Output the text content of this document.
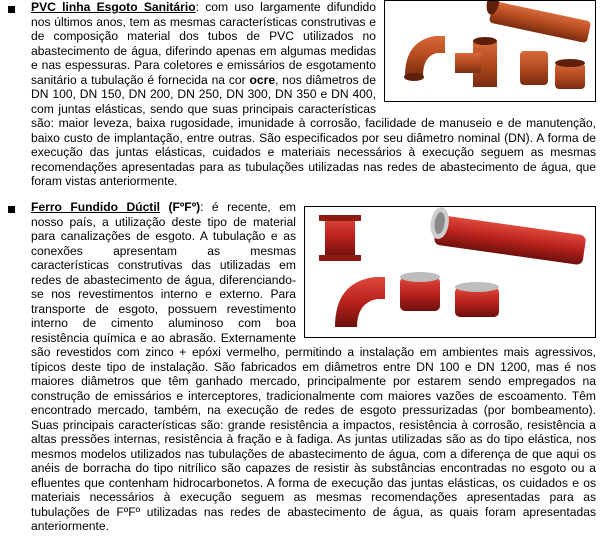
PVC linha Esgoto Sanitário: com uso largamente difundido nos últimos anos, tem as mesmas características construtivas e de composição material dos tubos de PVC utilizados no abastecimento de água, diferindo apenas em algumas medidas e nas espessuras. Para coletores e emissários de esgotamento sanitário a tubulação é fornecida na cor ocre, nos diâmetros de DN 100, DN 150, DN 200, DN 250, DN 300, DN 350 e DN 400, com juntas elásticas, sendo que suas principais características são: maior leveza, baixa rugosidade, imunidade à corrosão, facilidade de manuseio e de manutenção, baixo custo de implantação, entre outras. São especificados por seu diâmetro nominal (DN). A forma de execução das juntas elásticas, cuidados e materiais necessários à execução seguem as mesmas recomendações apresentadas para as tubulações utilizadas nas redes de abastecimento de água, que foram vistas anteriormente.
Ferro Fundido Dúctil (FºFº): é recente, em nosso país, a utilização deste tipo de material para canalizações de esgoto. A tubulação e as conexões apresentam as mesmas características construtivas das utilizadas em redes de abastecimento de água, diferenciando-se nos revestimentos interno e externo. Para transporte de esgoto, possuem revestimento interno de cimento aluminoso com boa resistência química e ao abrasão. Externamente são revestidos com zinco + epóxi vermelho, permitindo a instalação em ambientes mais agressivos, típicos deste tipo de instalação. São fabricados em diâmetros entre DN 100 e DN 1200, mas é nos maiores diâmetros que têm ganhado mercado, principalmente por estarem sendo empregados na construção de emissários e interceptores, tradicionalmente com maiores vazões de escoamento. Têm encontrado mercado, também, na execução de redes de esgoto pressurizadas (por bombeamento). Suas principais características são: grande resistência a impactos, resistência à corrosão, resistência a altas pressões internas, resistência à fração e à fadiga. As juntas utilizadas são as do tipo elástica, nos mesmos modelos utilizados nas tubulações de abastecimento de água, com a diferença de que aqui os anéis de borracha do tipo nitrílico são capazes de resistir às substâncias encontradas no esgoto ou a efluentes que contenham hidrocarbonetos. A forma de execução das juntas elásticas, os cuidados e os materiais necessários à execução seguem as mesmas recomendações apresentadas para as tubulações de FºFº utilizadas nas redes de abastecimento de água, as quais foram apresentadas anteriormente.
